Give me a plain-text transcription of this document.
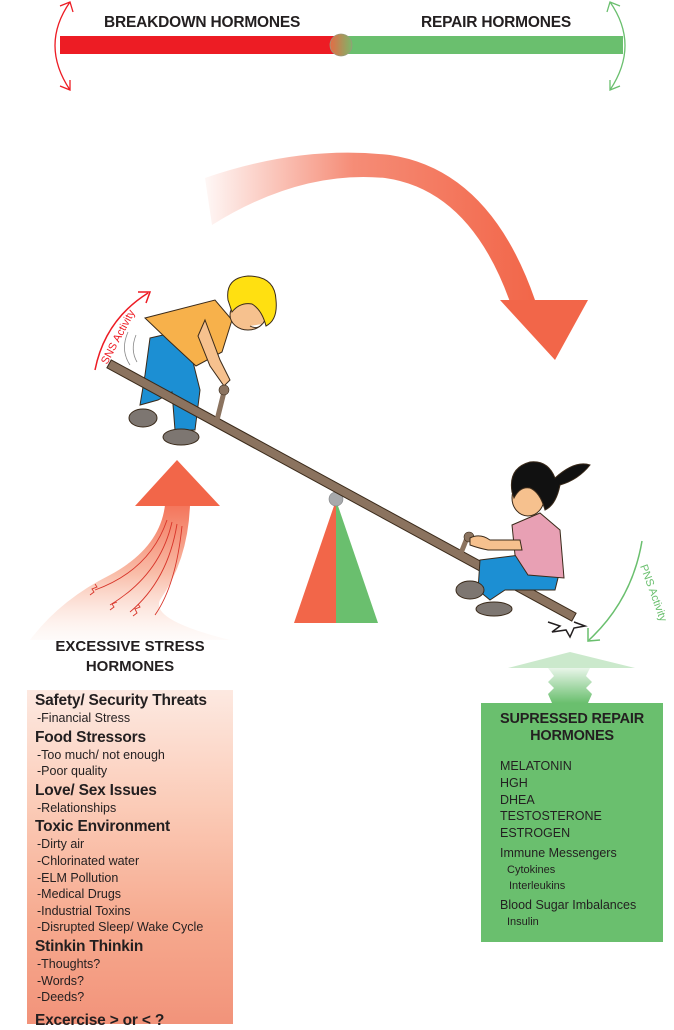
SNS Activity
PNS Activity
BREAKDOWN HORMONES	REPAIR HORMONES
EXCESSIVE STRESS
HORMONES
Safety/ Security Threats
-Financial Stress
Food Stressors
-Too much/ not enough
-Poor quality
Love/ Sex Issues
-Relationships
Toxic Environment
-Dirty air
-Chlorinated water
-ELM Pollution
-Medical Drugs
-Industrial Toxins
-Disrupted Sleep/ Wake Cycle
Stinkin Thinkin
-Thoughts?
-Words?
-Deeds?
Excercise > or < ?
SUPRESSED REPAIR
HORMONES
MELATONIN
HGH
DHEA
TESTOSTERONE
ESTROGEN
Immune Messengers
Cytokines
Interleukins
Blood Sugar Imbalances
Insulin
